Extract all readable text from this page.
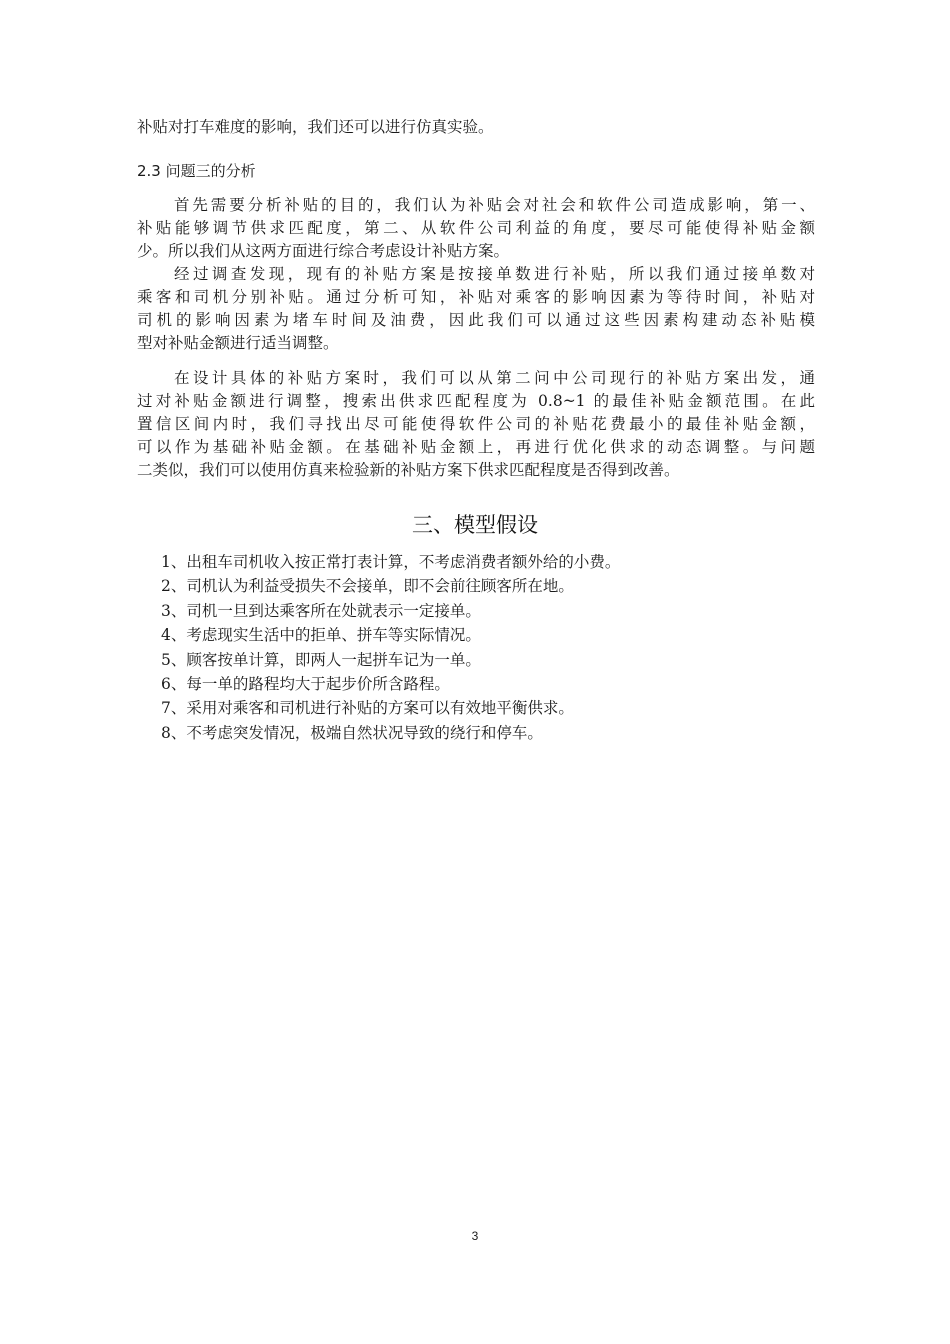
补贴对打车难度的影响，我们还可以进行仿真实验。
2.3 问题三的分析
首先需要分析补贴的目的，我们认为补贴会对社会和软件公司造成影响，第一、
补贴能够调节供求匹配度，第二、从软件公司利益的角度，要尽可能使得补贴金额
少。所以我们从这两方面进行综合考虑设计补贴方案。
经过调查发现，现有的补贴方案是按接单数进行补贴，所以我们通过接单数对
乘客和司机分别补贴。通过分析可知，补贴对乘客的影响因素为等待时间，补贴对
司机的影响因素为堵车时间及油费，因此我们可以通过这些因素构建动态补贴模
型对补贴金额进行适当调整。
在设计具体的补贴方案时，我们可以从第二问中公司现行的补贴方案出发，通
过对补贴金额进行调整，搜索出供求匹配程度为 0.8~1 的最佳补贴金额范围。在此
置信区间内时，我们寻找出尽可能使得软件公司的补贴花费最小的最佳补贴金额，
可以作为基础补贴金额。在基础补贴金额上，再进行优化供求的动态调整。与问题
二类似，我们可以使用仿真来检验新的补贴方案下供求匹配程度是否得到改善。
三、模型假设
1、出租车司机收入按正常打表计算，不考虑消费者额外给的小费。
2、司机认为利益受损失不会接单，即不会前往顾客所在地。
3、司机一旦到达乘客所在处就表示一定接单。
4、考虑现实生活中的拒单、拼车等实际情况。
5、顾客按单计算，即两人一起拼车记为一单。
6、每一单的路程均大于起步价所含路程。
7、采用对乘客和司机进行补贴的方案可以有效地平衡供求。
8、不考虑突发情况，极端自然状况导致的绕行和停车。
3
